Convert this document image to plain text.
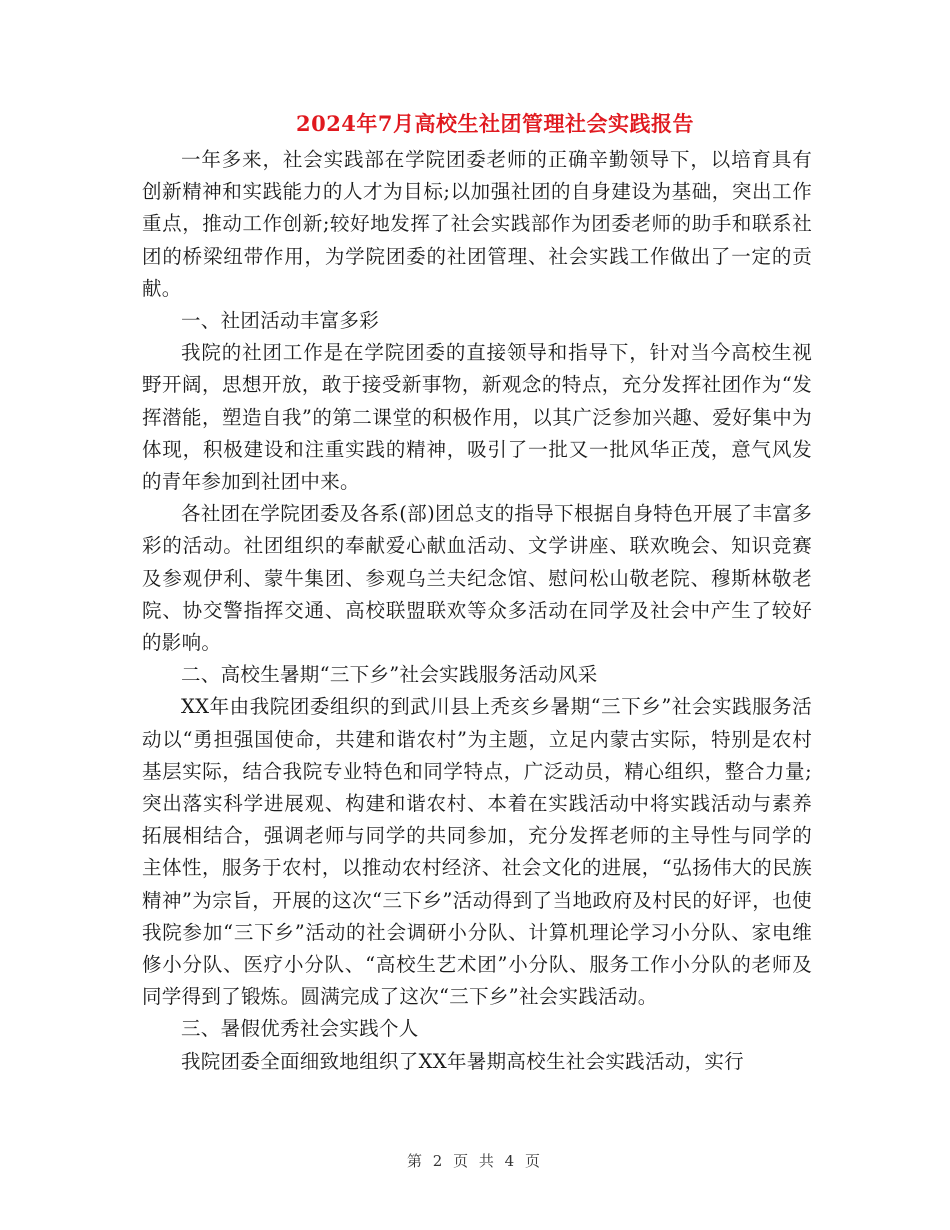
2024年7月高校生社团管理社会实践报告

一年多来，社会实践部在学院团委老师的正确辛勤领导下，以培育具有创新精神和实践能力的人才为目标;以加强社团的自身建设为基础，突出工作重点，推动工作创新;较好地发挥了社会实践部作为团委老师的助手和联系社团的桥梁纽带作用，为学院团委的社团管理、社会实践工作做出了一定的贡献。

一、社团活动丰富多彩

我院的社团工作是在学院团委的直接领导和指导下，针对当今高校生视野开阔，思想开放，敢于接受新事物，新观念的特点，充分发挥社团作为“发挥潜能，塑造自我”的第二课堂的积极作用，以其广泛参加兴趣、爱好集中为体现，积极建设和注重实践的精神，吸引了一批又一批风华正茂，意气风发的青年参加到社团中来。

各社团在学院团委及各系(部)团总支的指导下根据自身特色开展了丰富多彩的活动。社团组织的奉献爱心献血活动、文学讲座、联欢晚会、知识竞赛及参观伊利、蒙牛集团、参观乌兰夫纪念馆、慰问松山敬老院、穆斯林敬老院、协交警指挥交通、高校联盟联欢等众多活动在同学及社会中产生了较好的影响。

二、高校生暑期“三下乡”社会实践服务活动风采

XX年由我院团委组织的到武川县上秃亥乡暑期“三下乡”社会实践服务活动以“勇担强国使命，共建和谐农村”为主题，立足内蒙古实际，特别是农村基层实际，结合我院专业特色和同学特点，广泛动员，精心组织，整合力量;突出落实科学进展观、构建和谐农村、本着在实践活动中将实践活动与素养拓展相结合，强调老师与同学的共同参加，充分发挥老师的主导性与同学的主体性，服务于农村，以推动农村经济、社会文化的进展，“弘扬伟大的民族精神”为宗旨，开展的这次“三下乡”活动得到了当地政府及村民的好评，也使我院参加“三下乡”活动的社会调研小分队、计算机理论学习小分队、家电维修小分队、医疗小分队、“高校生艺术团”小分队、服务工作小分队的老师及同学得到了锻炼。圆满完成了这次“三下乡”社会实践活动。

三、暑假优秀社会实践个人

我院团委全面细致地组织了XX年暑期高校生社会实践活动，实行

第 2 页 共 4 页
